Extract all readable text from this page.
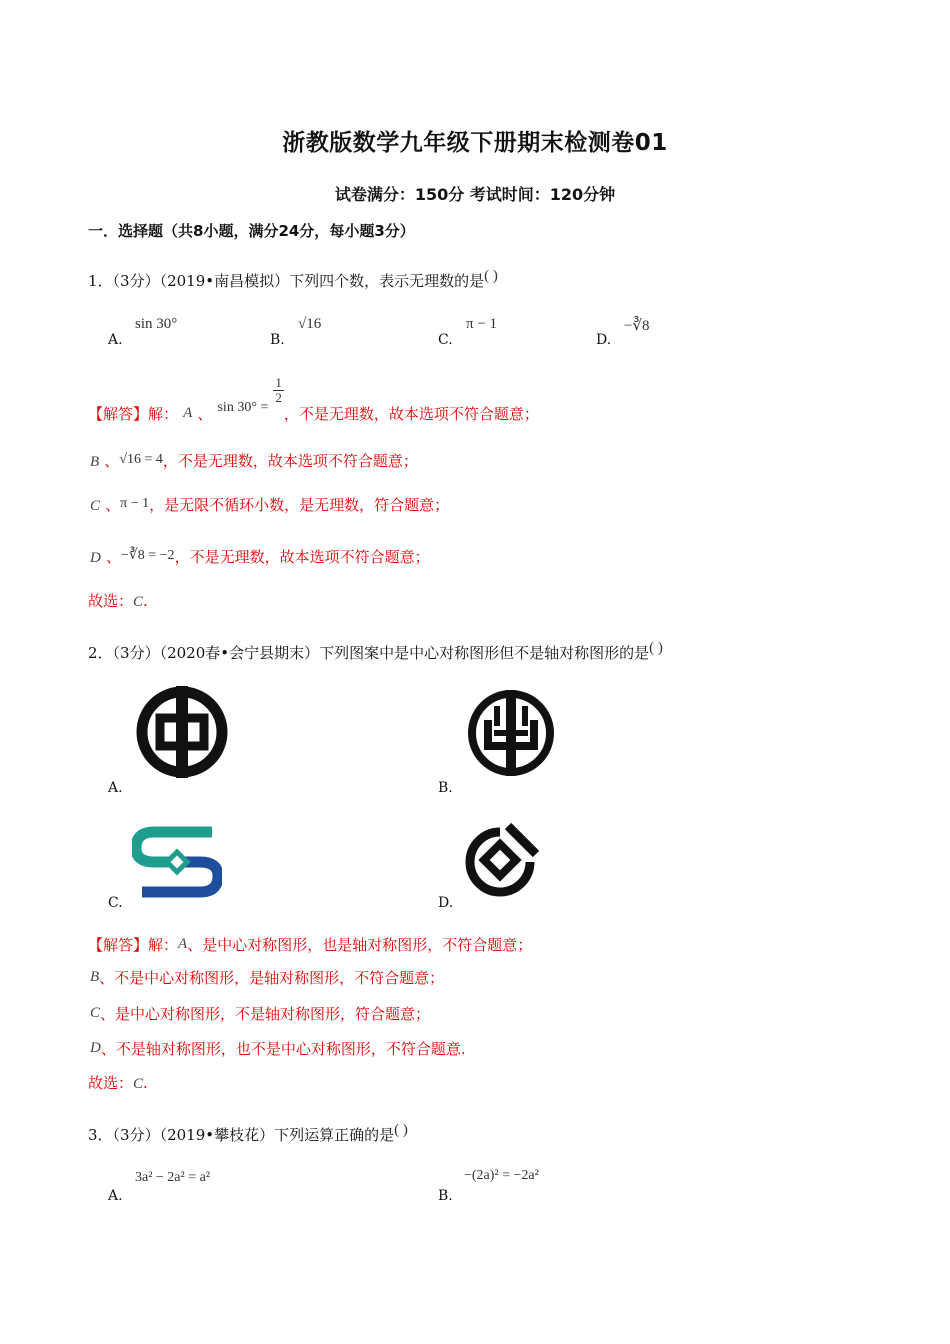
浙教版数学九年级下册期末检测卷01
试卷满分：150分 考试时间：120分钟
一．选择题（共8小题，满分24分，每小题3分）
1．（3分）（2019•南昌模拟）下列四个数，表示无理数的是( )
A.
sin 30°
B.
√16
C.
π − 1
D.
−∛8
【解答】解： A 、 sin 30° =
$\frac{1}{2}$
，不是无理数，故本选项不符合题意；
B 、√16 = 4，不是无理数，故本选项不符合题意；
C 、π − 1，是无限不循环小数，是无理数，符合题意；
D 、−∛8 = −2，不是无理数，故本选项不符合题意；
故选：C.
2．（3分）（2020春•会宁县期末）下列图案中是中心对称图形但不是轴对称图形的是( )
A.	B.
C.	D.
【解答】解：A、是中心对称图形，也是轴对称图形，不符合题意；
B、不是中心对称图形，是轴对称图形，不符合题意；
C、是中心对称图形，不是轴对称图形，符合题意；
D、不是轴对称图形，也不是中心对称图形，不符合题意.
故选：C.
3．（3分）（2019•攀枝花）下列运算正确的是( )
A.
3a² − 2a² = a²
B.
−(2a)² = −2a²
